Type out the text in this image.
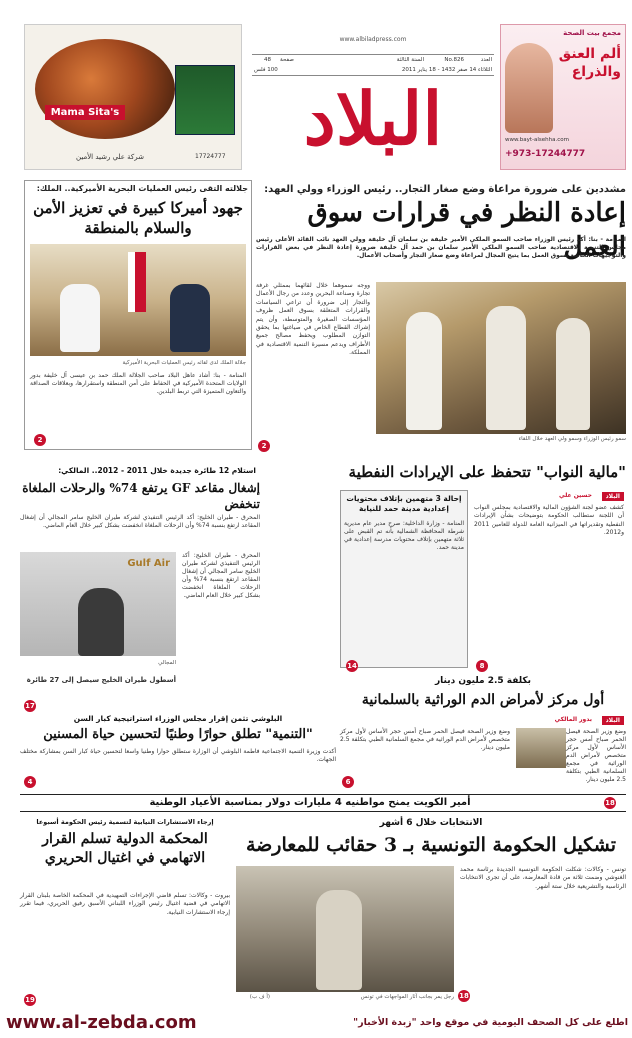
Mama Sita's
شركة علي رشيد الأمين	17724777
العدد
No.826
السنة الثالثة
48 صفحة
الثلاثاء 14 صفر 1432 - 18 يناير 2011
100 فلس
البلاد
www.albiladpress.com
مجمع بيت الصحة
ألم العنق والذراع
www.bayt-alsehha.com
+973-17244777
مشددين على ضرورة مراعاة وضع صغار التجار.. رئيس الوزراء وولي العهد:
إعادة النظر في قرارات سوق العمل
المنامة - بنا: أكد رئيس الوزراء صاحب السمو الملكي الأمير خليفة بن سلمان آل خليفة وولي العهد نائب القائد الأعلى رئيس مجلس التنمية الاقتصادية صاحب السمو الملكي الأمير سلمان بن حمد آل خليفة ضرورة إعادة النظر في بعض القرارات والتوجيهات الخاصة بسوق العمل بما يتيح المجال لمراعاة وضع صغار التجار وأصحاب الأعمال.
سمو رئيس الوزراء وسمو ولي العهد خلال اللقاء
ووجه سموهما خلال لقائهما بممثلي غرفة تجارة وصناعة البحرين وعدد من رجال الأعمال والتجار إلى ضرورة أن تراعي السياسات والقرارات المتعلقة بسوق العمل ظروف المؤسسات الصغيرة والمتوسطة، وأن يتم إشراك القطاع الخاص في صياغتها بما يحقق التوازن المطلوب ويحفظ مصالح جميع الأطراف ويدعم مسيرة التنمية الاقتصادية في المملكة.
2
جلالته التقى رئيس العمليات البحرية الأميركية.. الملك:
جهود أميركا كبيرة في تعزيز الأمن والسلام بالمنطقة
جلالة الملك لدى لقائه رئيس العمليات البحرية الأميركية
المنامة - بنا: أشاد عاهل البلاد صاحب الجلالة الملك حمد بن عيسى آل خليفة بدور الولايات المتحدة الأميركية في الحفاظ على أمن المنطقة واستقرارها، وبعلاقات الصداقة والتعاون المتميزة التي تربط البلدين.
2
"مالية النواب" تتحفظ على الإيرادات النفطية
البلاد
حسين علي
كشف عضو لجنة الشؤون المالية والاقتصادية بمجلس النواب أن اللجنة ستطالب الحكومة بتوضيحات بشأن الإيرادات النفطية وتقديراتها في الميزانية العامة للدولة للعامين 2011 و2012.
8
إحالة 3 متهمين بإتلاف محتويات إعدادية مدينة حمد للنيابة
المنامة - وزارة الداخلية: صرح مدير عام مديرية شرطة المحافظة الشمالية بأنه تم القبض على ثلاثة متهمين بإتلاف محتويات مدرسة إعدادية في مدينة حمد.
14
استلام 12 طائرة جديدة خلال 2011 - 2012.. المالكي:
إشغال مقاعد GF يرتفع 74% والرحلات الملغاة تنخفض
المحرق - طيران الخليج: أكد الرئيس التنفيذي لشركة طيران الخليج سامر المجالي أن إشغال المقاعد ارتفع بنسبة 74% وأن الرحلات الملغاة انخفضت بشكل كبير خلال العام الماضي.
Gulf Air
المجالي
أسطول طيران الخليج سيصل إلى 27 طائرة
17
المحرق - طيران الخليج: أكد الرئيس التنفيذي لشركة طيران الخليج سامر المجالي أن إشغال المقاعد ارتفع بنسبة 74% وأن الرحلات الملغاة انخفضت بشكل كبير خلال العام الماضي.
بكلفة 2.5 مليون دينار
أول مركز لأمراض الدم الوراثية بالسلمانية
البلاد
بدور المالكي
وضع وزير الصحة فيصل الحمر صباح أمس حجر الأساس لأول مركز متخصص لأمراض الدم الوراثية في مجمع السلمانية الطبي بتكلفة 2.5 مليون دينار.
وضع وزير الصحة فيصل الحمر صباح أمس حجر الأساس لأول مركز متخصص لأمراض الدم الوراثية في مجمع السلمانية الطبي بتكلفة 2.5 مليون دينار.
6
البلوشي تثمن إقرار مجلس الوزراء استراتيجية كبار السن
"التنمية" تطلق حوارًا وطنيًا لتحسين حياة المسنين
أكدت وزيرة التنمية الاجتماعية فاطمة البلوشي أن الوزارة ستطلق حوارا وطنيا واسعا لتحسين حياة كبار السن بمشاركة مختلف الجهات.
4
أمير الكويت يمنح مواطنيه 4 مليارات دولار بمناسبة الأعياد الوطنية	18
إرجاء الاستشارات النيابية لتسمية رئيس الحكومة أسبوعا
المحكمة الدولية تسلم القرار الاتهامي في اغتيال الحريري
بيروت - وكالات: تسلم قاضي الإجراءات التمهيدية في المحكمة الخاصة بلبنان القرار الاتهامي في قضية اغتيال رئيس الوزراء اللبناني الأسبق رفيق الحريري، فيما تقرر إرجاء الاستشارات النيابية.
19
الانتخابات خلال 6 أشهر
تشكيل الحكومة التونسية بـ 3 حقائب للمعارضة
رجل يمر بجانب آثار المواجهات في تونس
(أ ف ب)
تونس - وكالات: شكلت الحكومة التونسية الجديدة برئاسة محمد الغنوشي وضمت ثلاثة من قادة المعارضة، على أن تجرى الانتخابات الرئاسية والتشريعية خلال ستة أشهر.
18
www.al-zebda.com	اطلع على كل الصحف اليومية في موقع واحد "زبدة الأخبار"
